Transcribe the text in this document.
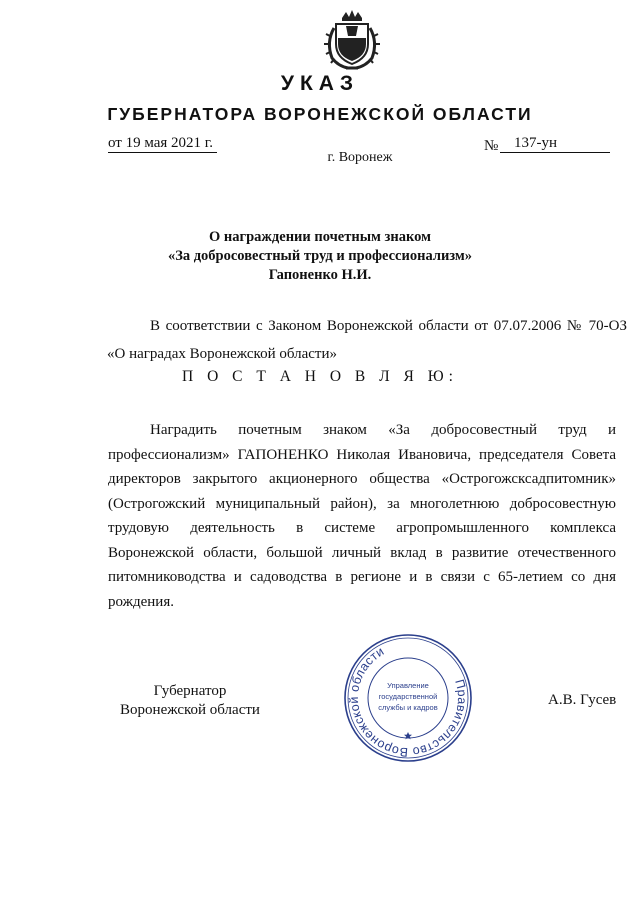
УКАЗ
ГУБЕРНАТОРА ВОРОНЕЖСКОЙ ОБЛАСТИ
от 19 мая 2021 г.	№	137-ун
г. Воронеж
О награждении почетным знаком
«За добросовестный труд и профессионализм»
Гапоненко Н.И.
В соответствии с Законом Воронежской области от 07.07.2006 № 70-ОЗ
«О наградах Воронежской области»
П О С Т А Н О В Л Я Ю:
Наградить почетным знаком «За добросовестный труд и
профессионализм» ГАПОНЕНКО Николая Ивановича, председателя Совета
директоров закрытого акционерного общества «Острогожсксадпитомник»
(Острогожский муниципальный район), за многолетнюю добросовестную
трудовую деятельность в системе агропромышленного комплекса
Воронежской области, большой личный вклад в развитие отечественного
питомниководства и садоводства в регионе и в связи с 65-летием со дня
рождения.
Губернатор
Воронежской области
Правительство Воронежской области
Управление
государственной
службы и кадров	А.В. Гусев
